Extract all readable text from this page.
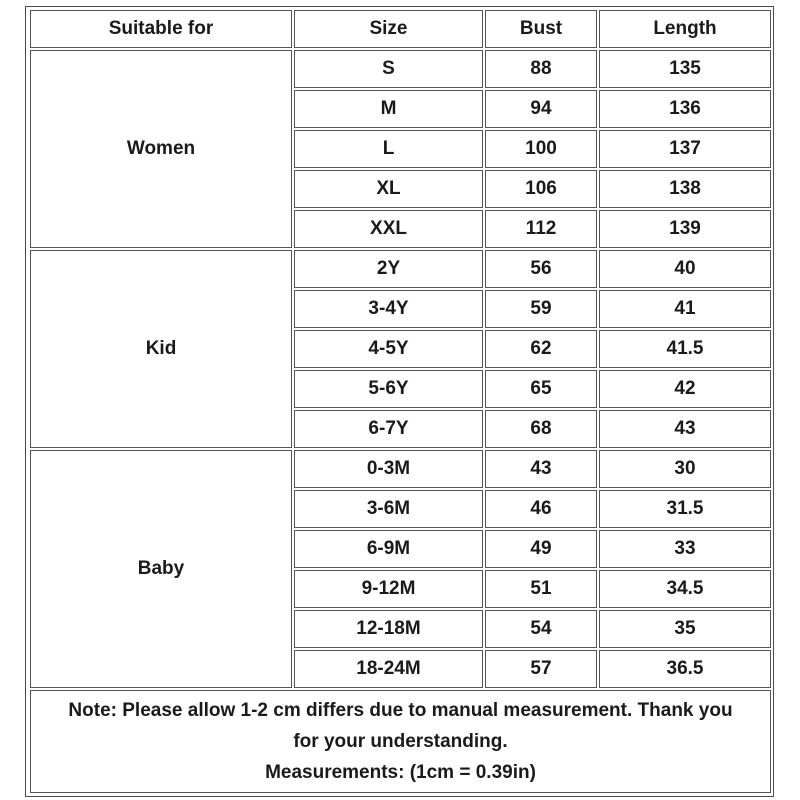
Suitable for	Size	Bust	Length
Women
S	88	135
M	94	136
L	100	137
XL	106	138
XXL	112	139
Kid
2Y	56	40
3-4Y	59	41
4-5Y	62	41.5
5-6Y	65	42
6-7Y	68	43
Baby
0-3M	43	30
3-6M	46	31.5
6-9M	49	33
9-12M	51	34.5
12-18M	54	35
18-24M	57	36.5
Note: Please allow 1-2 cm differs due to manual measurement. Thank you
for your understanding.
Measurements: (1cm = 0.39in)
